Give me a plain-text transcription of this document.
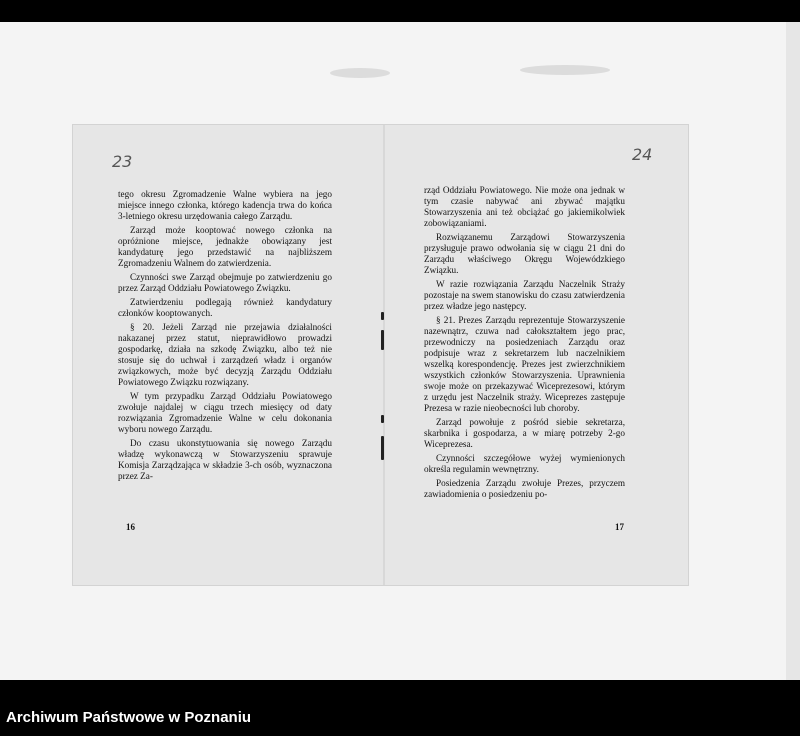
23	24

tego okresu Zgromadzenie Walne wybiera na jego miejsce innego członka, którego kadencja trwa do końca 3-letniego okresu urzędowania całego Zarządu.

Zarząd może kooptować nowego członka na opróżnione miejsce, jednakże obowiązany jest kandydaturę jego przedstawić na najbliższem Zgromadzeniu Walnem do zatwierdzenia.

Czynności swe Zarząd obejmuje po zatwierdzeniu go przez Zarząd Oddziału Powiatowego Związku.

Zatwierdzeniu podlegają również kandydatury członków kooptowanych.

§ 20. Jeżeli Zarząd nie przejawia działalności nakazanej przez statut, nieprawidłowo prowadzi gospodarkę, działa na szkodę Związku, albo też nie stosuje się do uchwał i zarządzeń władz i organów związkowych, może być decyzją Zarządu Oddziału Powiatowego Związku rozwiązany.

W tym przypadku Zarząd Oddziału Powiatowego zwołuje najdalej w ciągu trzech miesięcy od daty rozwiązania Zgromadzenie Walne w celu dokonania wyboru nowego Zarządu.

Do czasu ukonstytuowania się nowego Zarządu władzę wykonawczą w Stowarzyszeniu sprawuje Komisja Zarządzająca w składzie 3-ch osób, wyznaczona przez Za-

rząd Oddziału Powiatowego. Nie może ona jednak w tym czasie nabywać ani zbywać majątku Stowarzyszenia ani też obciążać go jakiemikolwiek zobowiązaniami.

Rozwiązanemu Zarządowi Stowarzyszenia przysługuje prawo odwołania się w ciągu 21 dni do Zarządu właściwego Okręgu Wojewódzkiego Związku.

W razie rozwiązania Zarządu Naczelnik Straży pozostaje na swem stanowisku do czasu zatwierdzenia przez władze jego następcy.

§ 21. Prezes Zarządu reprezentuje Stowarzyszenie nazewnątrz, czuwa nad całokształtem jego prac, przewodniczy na posiedzeniach Zarządu oraz podpisuje wraz z sekretarzem lub naczelnikiem wszelką korespondencję. Prezes jest zwierzchnikiem wszystkich członków Stowarzyszenia. Uprawnienia swoje może on przekazywać Wiceprezesowi, którym z urzędu jest Naczelnik straży. Wiceprezes zastępuje Prezesa w razie nieobecności lub choroby.

Zarząd powołuje z pośród siebie sekretarza, skarbnika i gospodarza, a w miarę potrzeby 2-go Wiceprezesa.

Czynności szczegółowe wyżej wymienionych określa regulamin wewnętrzny.

Posiedzenia Zarządu zwołuje Prezes, przyczem zawiadomienia o posiedzeniu po-

16	17
Archiwum Państwowe w Poznaniu
